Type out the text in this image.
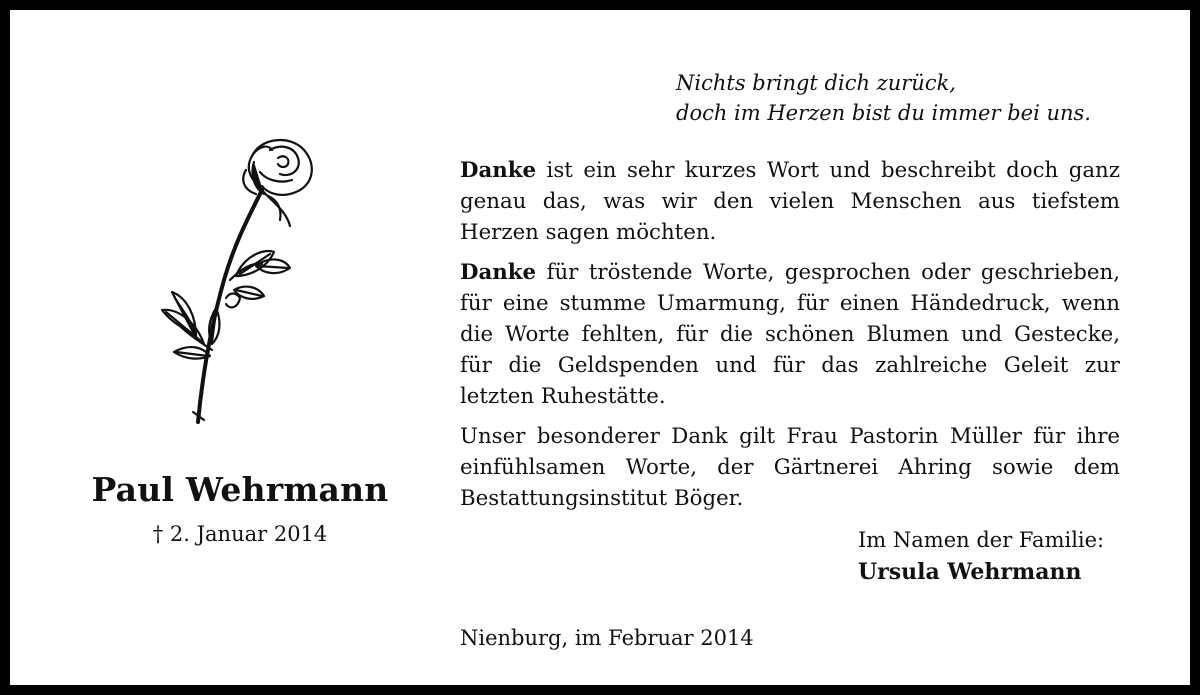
Paul Wehrmann
† 2. Januar 2014
Nichts bringt dich zurück,
doch im Herzen bist du immer bei uns.

Danke ist ein sehr kurzes Wort und beschreibt doch ganz
genau das, was wir den vielen Menschen aus tiefstem
Herzen sagen möchten.

Danke für tröstende Worte, gesprochen oder geschrieben,
für eine stumme Umarmung, für einen Händedruck, wenn
die Worte fehlten, für die schönen Blumen und Gestecke,
für die Geldspenden und für das zahlreiche Geleit zur
letzten Ruhestätte.

Unser besonderer Dank gilt Frau Pastorin Müller für ihre
einfühlsamen Worte, der Gärtnerei Ahring sowie dem
Bestattungsinstitut Böger.

Im Namen der Familie:
Ursula Wehrmann
Nienburg, im Februar 2014
